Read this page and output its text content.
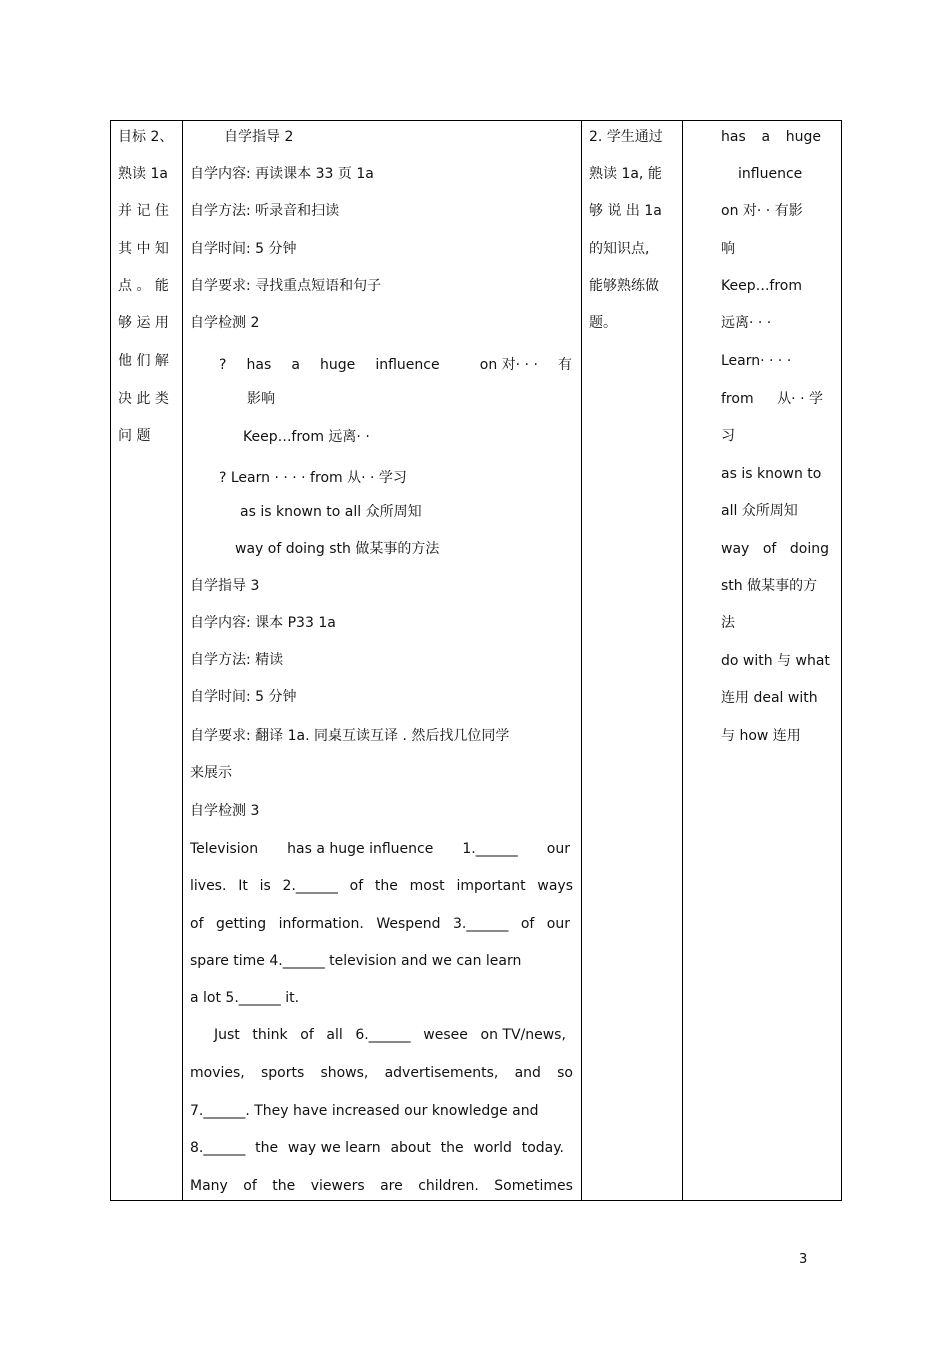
目标 2、
熟读 1a
并 记 住
其 中 知
点 。 能
够 运 用
他 们 解
决 此 类
问 题
自学指导 2
自学内容: 再读课本 33 页 1a
自学方法: 听录音和扫读
自学时间: 5 分钟
自学要求: 寻找重点短语和句子
自学检测 2
? has a huge influence	on 对· · · 有
影响
Keep‥.from 远离· ·
? Learn · · · · from 从· · 学习
as is known to all 众所周知
way of doing sth 做某事的方法
自学指导 3
自学内容: 课本 P33 1a
自学方法: 精读
自学时间: 5 分钟
自学要求: 翻译 1a. 同桌互读互译 . 然后找几位同学
来展示
自学检测 3
Television has a huge influence 1.______ our
lives. It is 2.______ of the most important ways
of getting information. Wespend 3.______ of our
spare time 4.______ television and we can learn
a lot 5.______ it.
Just think of all 6.______ wesee on TV/news,
movies, sports shows, advertisements, and so
7.______. They have increased our knowledge and
8.______ the way we learn about the world today.
Many of the viewers are children. Sometimes
2. 学生通过
熟读 1a, 能
够 说 出 1a
的知识点,
能够熟练做
题。
has a huge
influence
on 对· · 有影
响
Keep‥.from
远离· · ·
Learn· · · ·
from 从· · 学
习
as is known to
all 众所周知
way of doing
sth 做某事的方
法
do with 与 what
连用 deal with
与 how 连用
3
